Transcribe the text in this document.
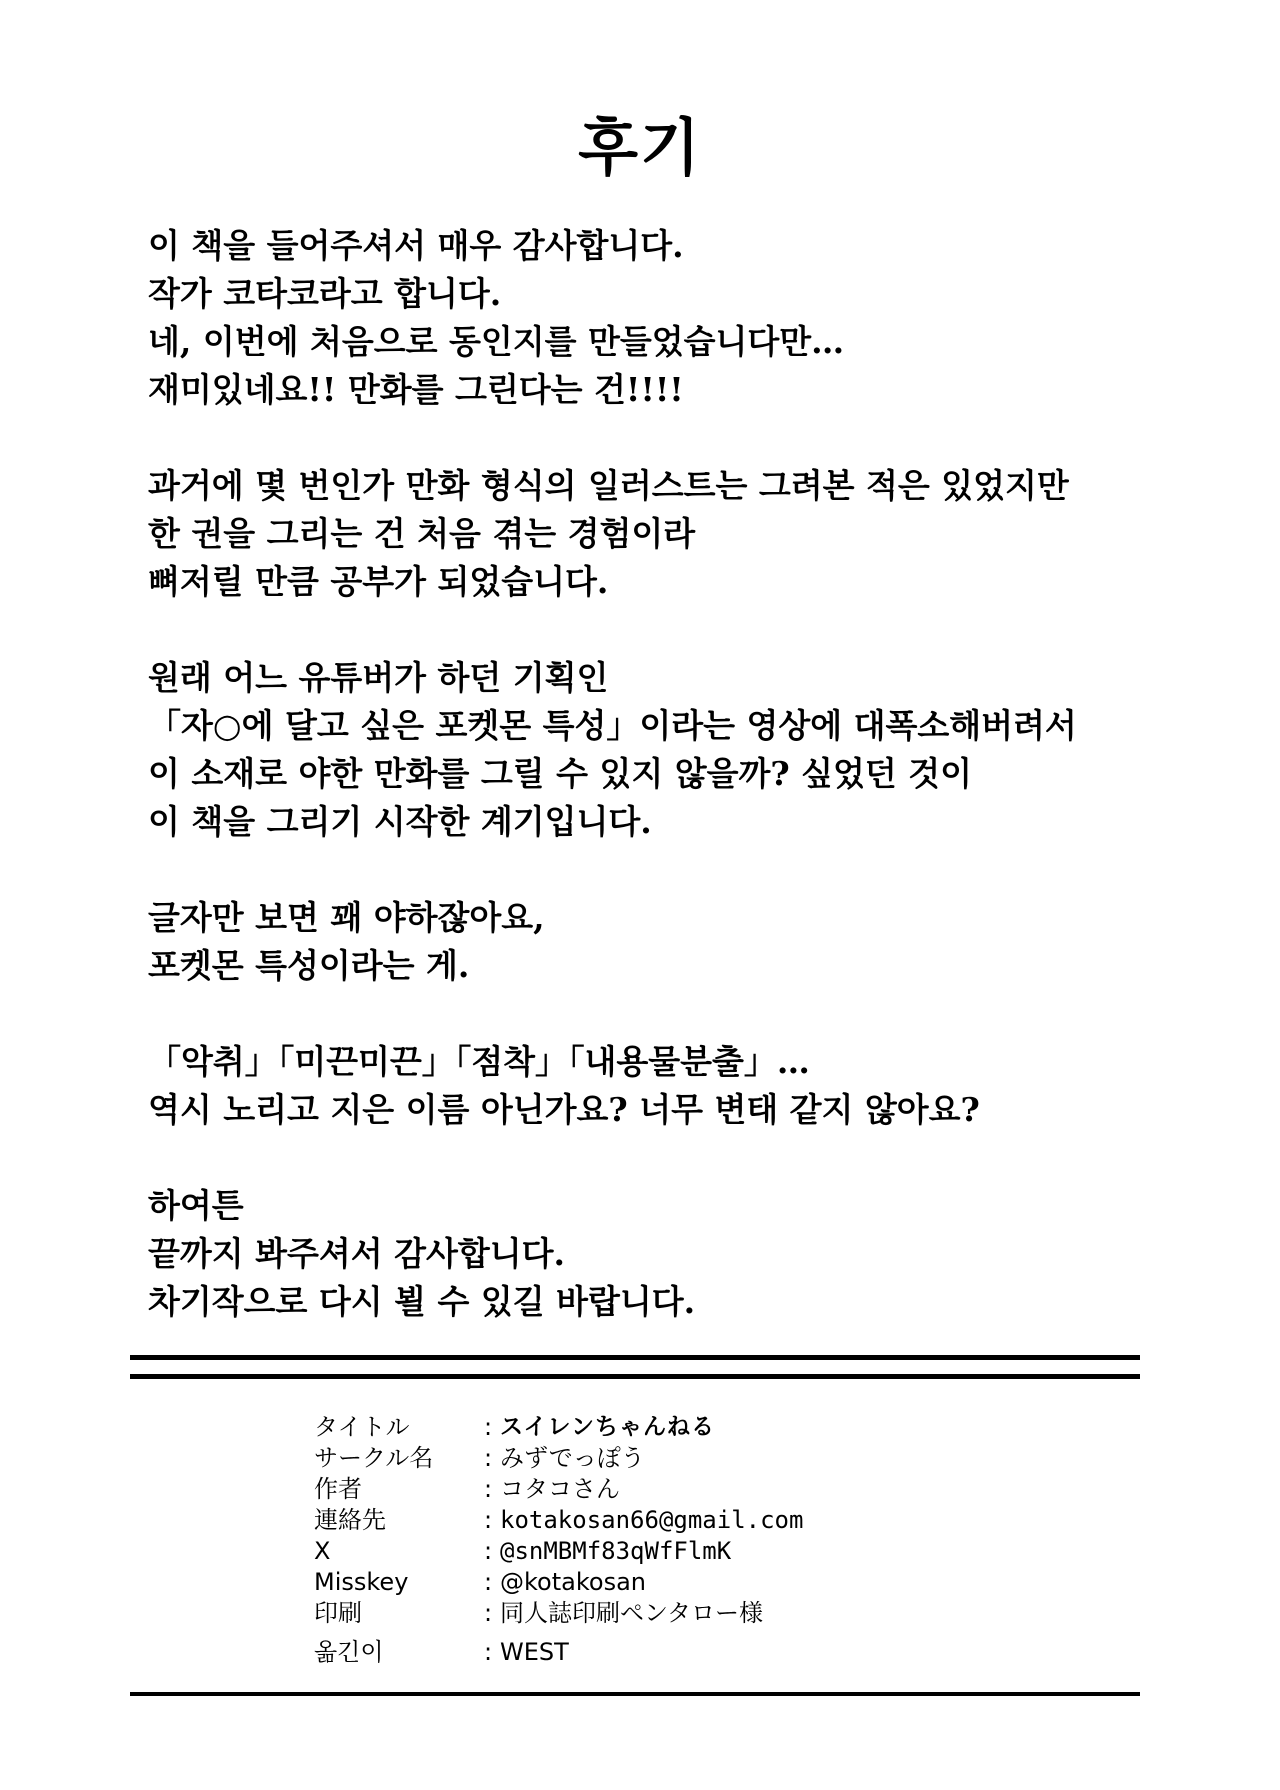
후기
이 책을 들어주셔서 매우 감사합니다.
작가 코타코라고 합니다.
네, 이번에 처음으로 동인지를 만들었습니다만…
재미있네요!! 만화를 그린다는 건!!!!
과거에 몇 번인가 만화 형식의 일러스트는 그려본 적은 있었지만
한 권을 그리는 건 처음 겪는 경험이라
뼈저릴 만큼 공부가 되었습니다.
원래 어느 유튜버가 하던 기획인
「자○에 달고 싶은 포켓몬 특성」이라는 영상에 대폭소해버려서
이 소재로 야한 만화를 그릴 수 있지 않을까? 싶었던 것이
이 책을 그리기 시작한 계기입니다.
글자만 보면 꽤 야하잖아요,
포켓몬 특성이라는 게.
「악취」「미끈미끈」「점착」「내용물분출」…
역시 노리고 지은 이름 아닌가요? 너무 변태 같지 않아요?
하여튼
끝까지 봐주셔서 감사합니다.
차기작으로 다시 뵐 수 있길 바랍니다.
タイトル	: スイレンちゃんねる
サークル名	: みずでっぽう
作者	: コタコさん
連絡先	: kotakosan66@gmail.com
X	: @snMBMf83qWfFlmK
Misskey	: @kotakosan
印刷	: 同人誌印刷ペンタロー様
옮긴이	: WEST
